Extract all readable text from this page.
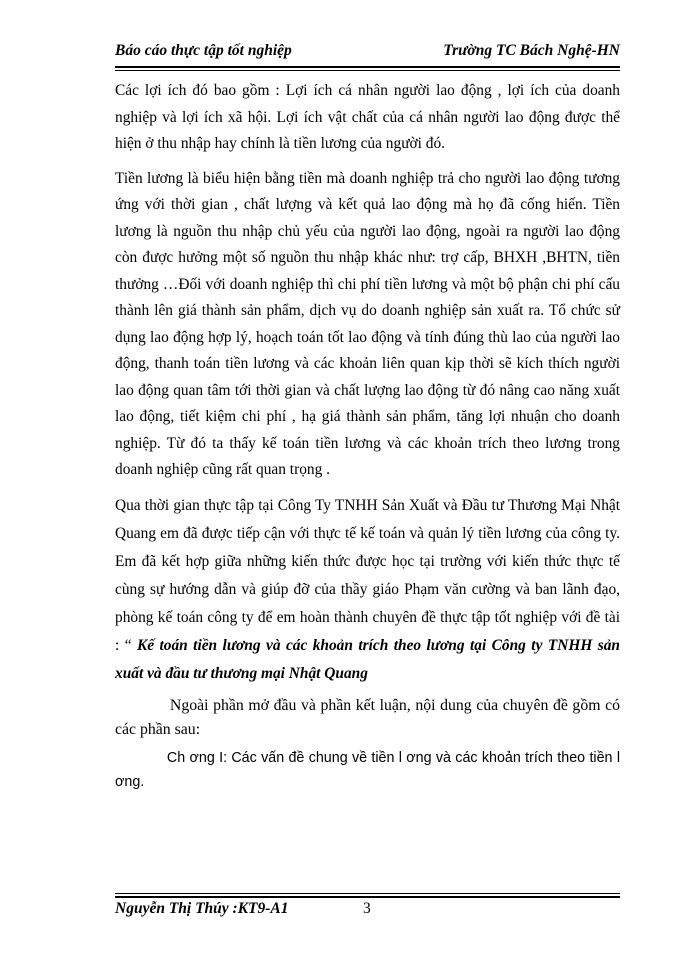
Báo cáo thực tập tốt nghiệp	Trường TC Bách Nghệ-HN

Các lợi ích đó bao gồm : Lợi ích cá nhân người lao động , lợi ích của doanh nghiệp và lợi ích xã hội. Lợi ích vật chất của cá nhân người lao động được thể hiện ở thu nhập hay chính là tiền lương của người đó.

Tiền lương là biểu hiện bằng tiền mà doanh nghiệp trả cho người lao động tương ứng với thời gian , chất lượng và kết quả lao động mà họ đã cống hiến. Tiền lương là nguồn thu nhập chủ yếu của người lao động, ngoài ra người lao động còn được hưởng một số nguồn thu nhập khác như: trợ cấp, BHXH ,BHTN, tiền thưởng …Đối với doanh nghiệp thì chi phí tiền lương và một bộ phận chi phí cấu thành lên giá thành sản phẩm, dịch vụ do doanh nghiệp sản xuất ra. Tổ chức sử dụng lao động hợp lý, hoạch toán tốt lao động và tính đúng thù lao của người lao động, thanh toán tiền lương và các khoản liên quan kịp thời sẽ kích thích người lao động quan tâm tới thời gian và chất lượng lao động từ đó nâng cao năng xuất lao động, tiết kiệm chi phí , hạ giá thành sản phẩm, tăng lợi nhuận cho doanh nghiệp. Từ đó ta thấy kế toán tiền lương và các khoản trích theo lương trong doanh nghiệp cũng rất quan trọng .

Qua thời gian thực tập tại Công Ty TNHH Sản Xuất và Đầu tư Thương Mại Nhật Quang em đã được tiếp cận với thực tế kế toán và quản lý tiền lương của công ty. Em đã kết hợp giữa những kiến thức được học tại trường với kiến thức thực tế cùng sự hướng dẫn và giúp đỡ của thầy giáo Phạm văn cường và ban lãnh đạo, phòng kế toán công ty để em hoàn thành chuyên đề thực tập tốt nghiệp với đề tài : “ Kế toán tiền lương và các khoản trích theo lương tại Công ty TNHH sản xuất và đầu tư thương mại Nhật Quang

Ngoài phần mở đầu và phần kết luận, nội dung của chuyên đề gồm có các phần sau:

Ch ơng I: Các vấn đề chung về tiền l ơng và các khoản trích theo tiền l ơng.

Nguyễn Thị Thúy :KT9-A1	3
